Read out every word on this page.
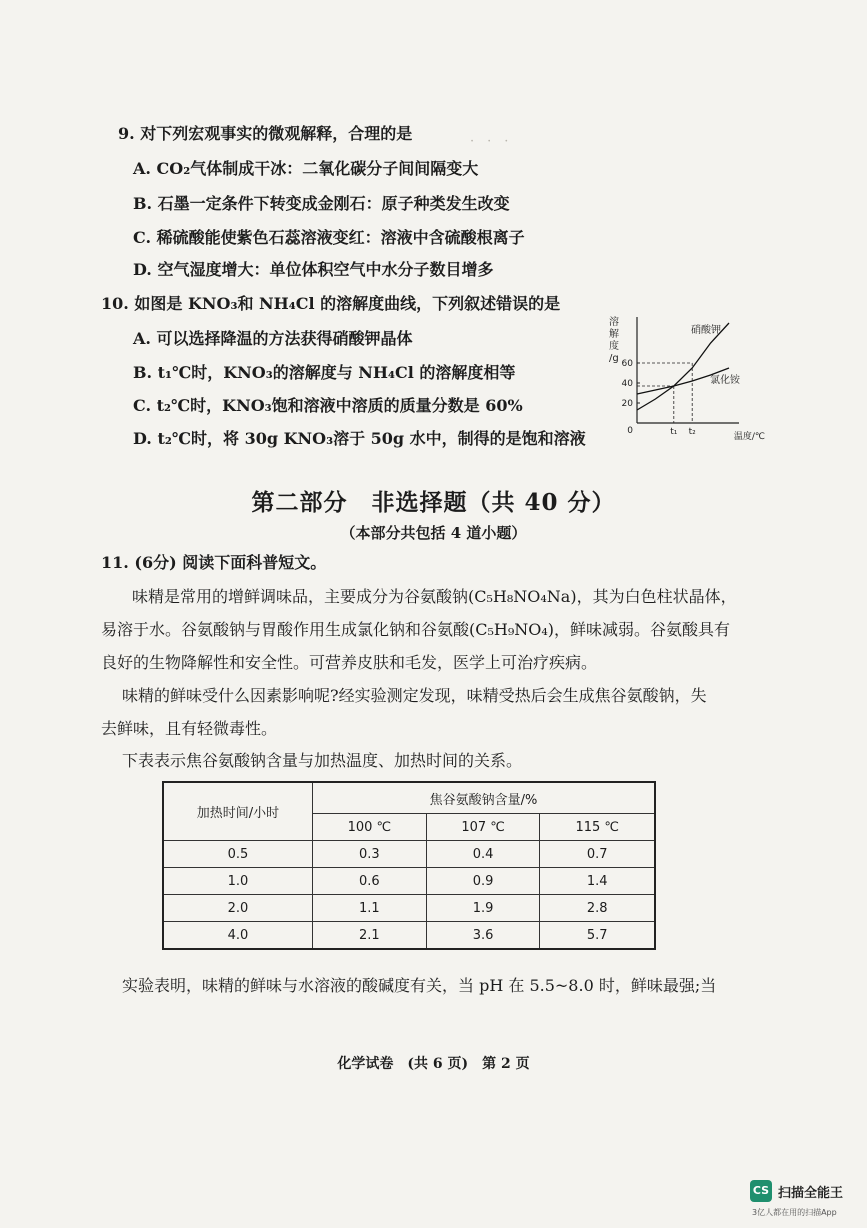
·　·　·
9. 对下列宏观事实的微观解释，合理的是
A. CO₂气体制成干冰：二氧化碳分子间间隔变大
B. 石墨一定条件下转变成金刚石：原子种类发生改变
C. 稀硫酸能使紫色石蕊溶液变红：溶液中含硫酸根离子
D. 空气湿度增大：单位体积空气中水分子数目增多
10. 如图是 KNO₃和 NH₄Cl 的溶解度曲线，下列叙述错误的是
A. 可以选择降温的方法获得硝酸钾晶体
B. t₁℃时，KNO₃的溶解度与 NH₄Cl 的溶解度相等
C. t₂℃时，KNO₃饱和溶液中溶质的质量分数是 60%
D. t₂℃时，将 30g KNO₃溶于 50g 水中，制得的是饱和溶液
溶
解
度
/g
20
40
60
0	t₁ t₂	温度/℃
硝酸钾
氯化铵
第二部分　非选择题（共 40 分）
（本部分共包括 4 道小题）
11. (6分) 阅读下面科普短文。
味精是常用的增鲜调味品，主要成分为谷氨酸钠(C₅H₈NO₄Na)，其为白色柱状晶体，
易溶于水。谷氨酸钠与胃酸作用生成氯化钠和谷氨酸(C₅H₉NO₄)，鲜味减弱。谷氨酸具有
良好的生物降解性和安全性。可营养皮肤和毛发，医学上可治疗疾病。
味精的鲜味受什么因素影响呢?经实验测定发现，味精受热后会生成焦谷氨酸钠，失
去鲜味，且有轻微毒性。
下表表示焦谷氨酸钠含量与加热温度、加热时间的关系。
加热时间/小时	焦谷氨酸钠含量/%		
	100 ℃	107 ℃	115 ℃
0.5	0.3	0.4	0.7
1.0	0.6	0.9	1.4
2.0	1.1	1.9	2.8
4.0	2.1	3.6	5.7
实验表明，味精的鲜味与水溶液的酸碱度有关，当 pH 在 5.5~8.0 时，鲜味最强;当
化学试卷　(共 6 页)　第 2 页
CS 扫描全能王
3亿人都在用的扫描App
